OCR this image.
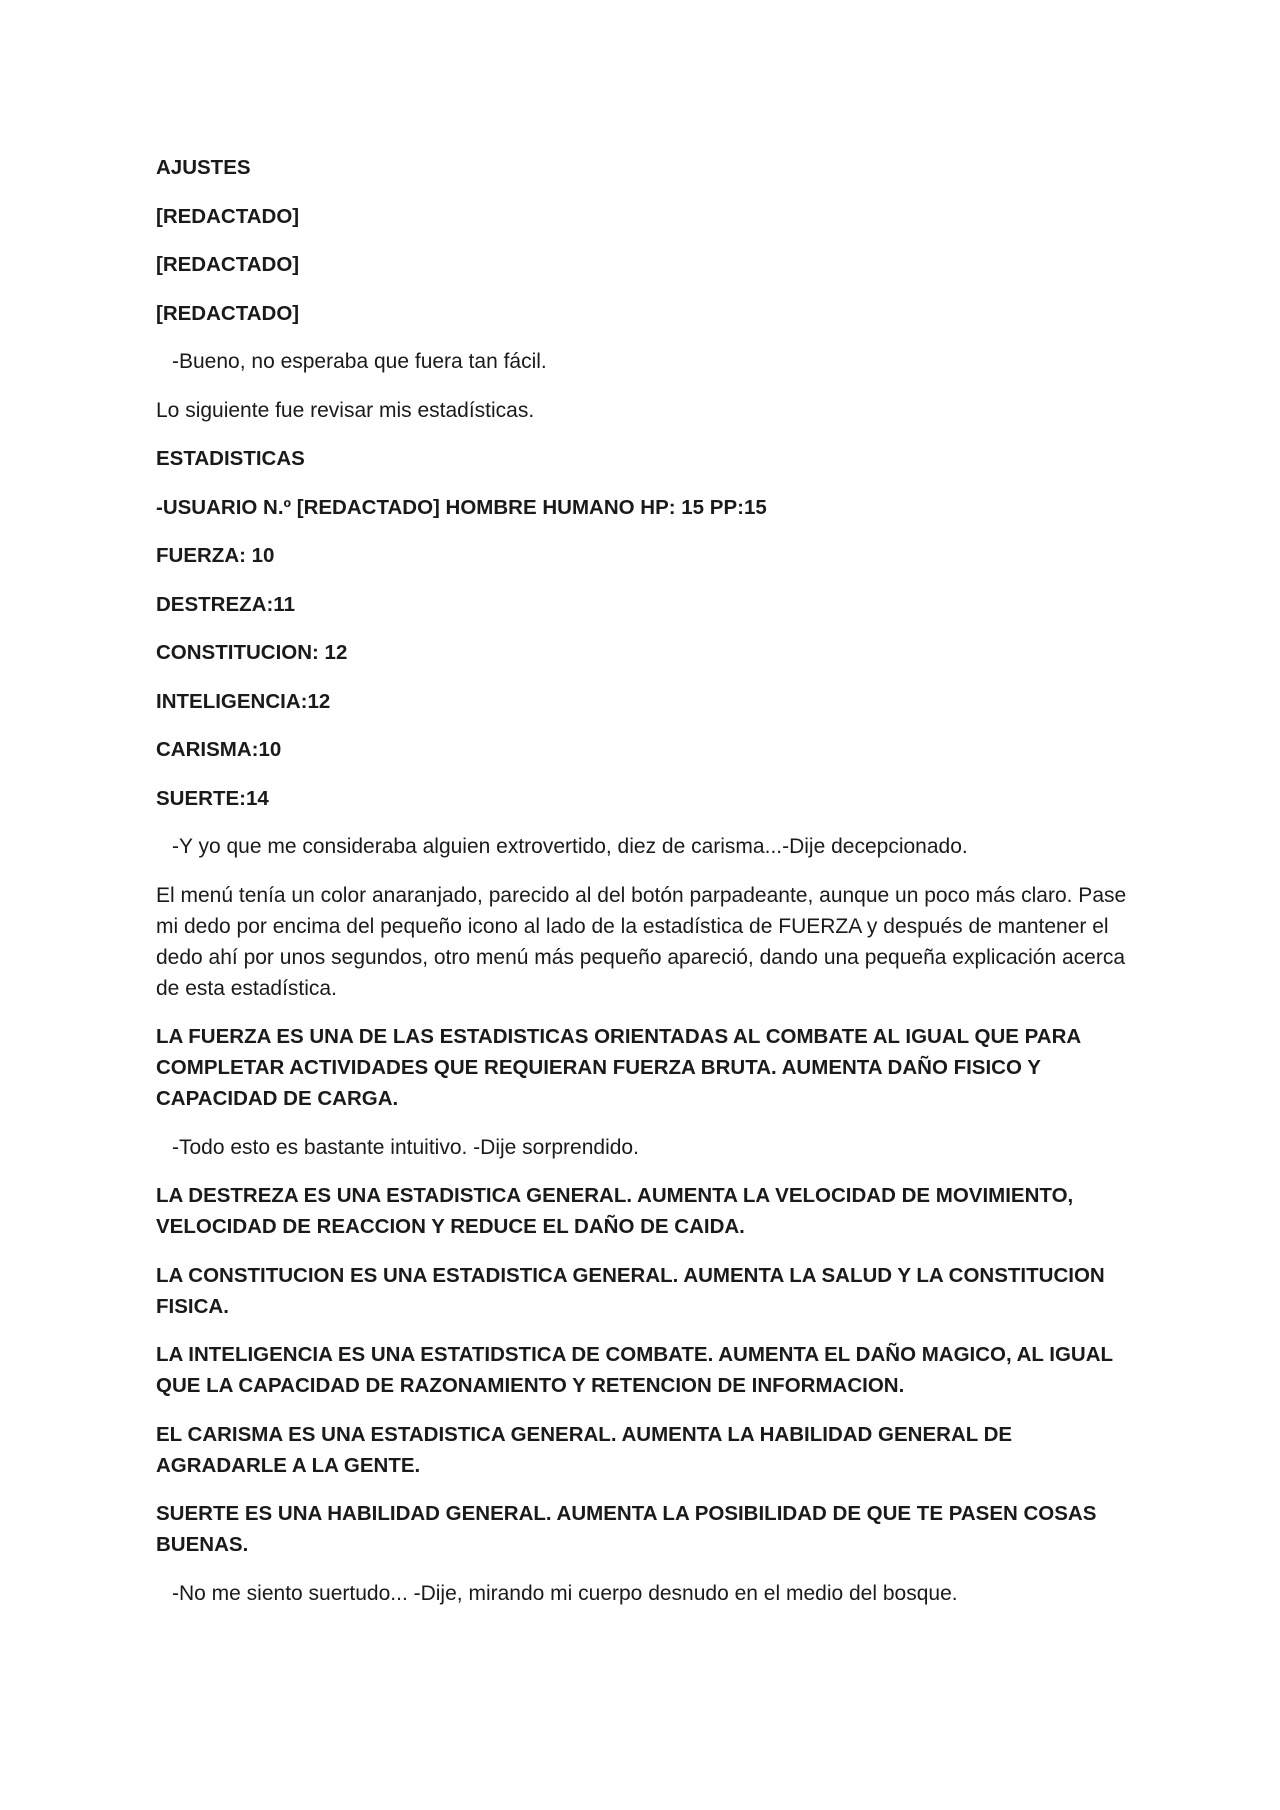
AJUSTES

[REDACTADO]

[REDACTADO]

[REDACTADO]

-Bueno, no esperaba que fuera tan fácil.

Lo siguiente fue revisar mis estadísticas.

ESTADISTICAS

-USUARIO N.º [REDACTADO] HOMBRE HUMANO HP: 15 PP:15

FUERZA: 10

DESTREZA:11

CONSTITUCION: 12

INTELIGENCIA:12

CARISMA:10

SUERTE:14

-Y yo que me consideraba alguien extrovertido, diez de carisma...-Dije decepcionado.

El menú tenía un color anaranjado, parecido al del botón parpadeante, aunque un poco más claro. Pase mi dedo por encima del pequeño icono al lado de la estadística de FUERZA y después de mantener el dedo ahí por unos segundos, otro menú más pequeño apareció, dando una pequeña explicación acerca de esta estadística.

LA FUERZA ES UNA DE LAS ESTADISTICAS ORIENTADAS AL COMBATE AL IGUAL QUE PARA COMPLETAR ACTIVIDADES QUE REQUIERAN FUERZA BRUTA. AUMENTA DAÑO FISICO Y CAPACIDAD DE CARGA.

-Todo esto es bastante intuitivo. -Dije sorprendido.

LA DESTREZA ES UNA ESTADISTICA GENERAL. AUMENTA LA VELOCIDAD DE MOVIMIENTO, VELOCIDAD DE REACCION Y REDUCE EL DAÑO DE CAIDA.

LA CONSTITUCION ES UNA ESTADISTICA GENERAL. AUMENTA LA SALUD Y LA CONSTITUCION FISICA.

LA INTELIGENCIA ES UNA ESTATIDSTICA DE COMBATE. AUMENTA EL DAÑO MAGICO, AL IGUAL QUE LA CAPACIDAD DE RAZONAMIENTO Y RETENCION DE INFORMACION.

EL CARISMA ES UNA ESTADISTICA GENERAL. AUMENTA LA HABILIDAD GENERAL DE AGRADARLE A LA GENTE.

SUERTE ES UNA HABILIDAD GENERAL. AUMENTA LA POSIBILIDAD DE QUE TE PASEN COSAS BUENAS.

-No me siento suertudo... -Dije, mirando mi cuerpo desnudo en el medio del bosque.
